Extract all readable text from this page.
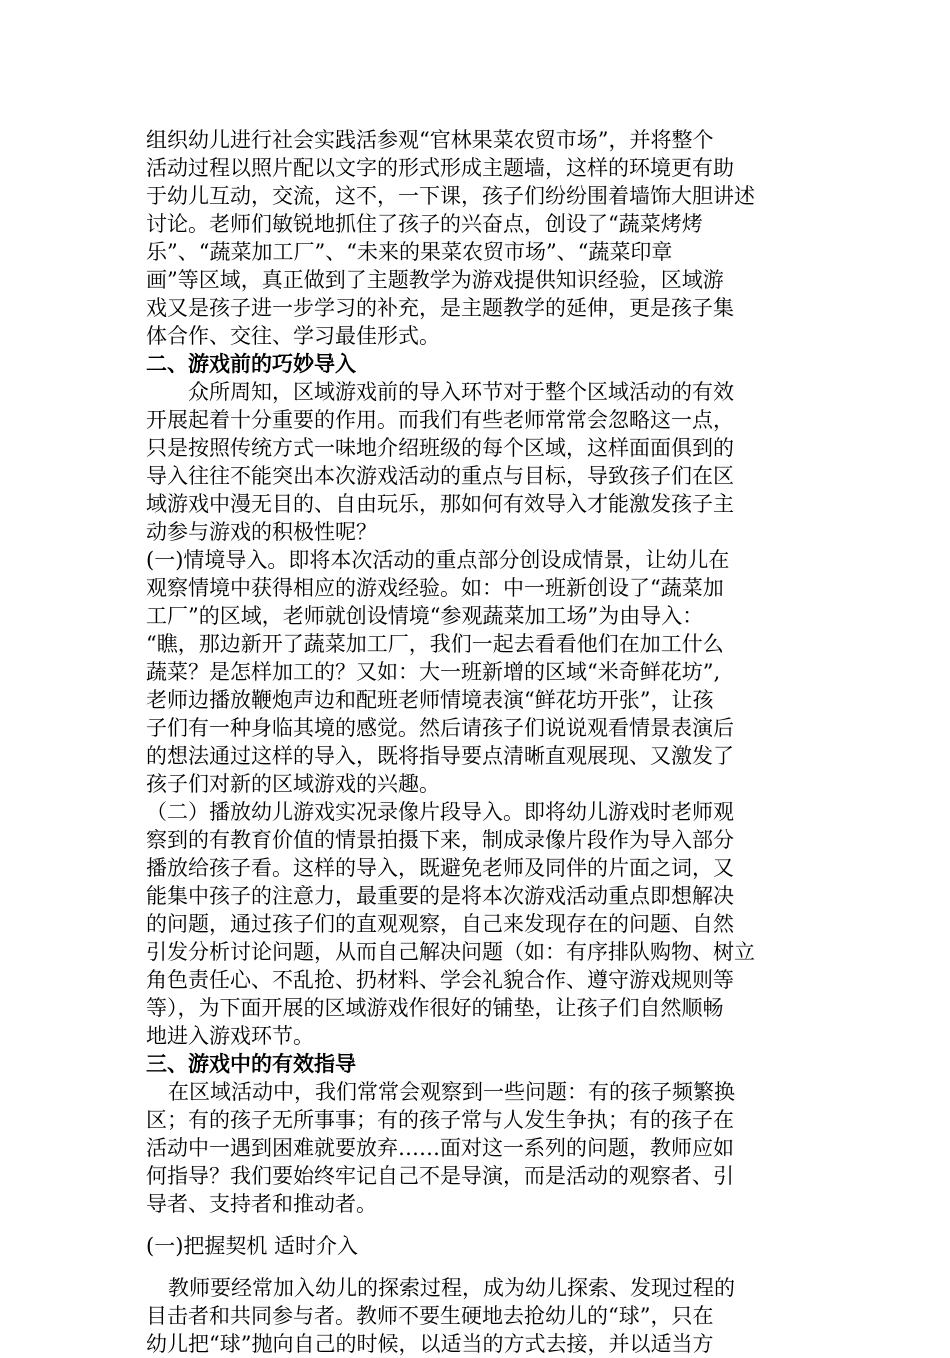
组织幼儿进行社会实践活参观“官林果菜农贸市场”，并将整个
活动过程以照片配以文字的形式形成主题墙，这样的环境更有助
于幼儿互动，交流，这不，一下课，孩子们纷纷围着墙饰大胆讲述
讨论。老师们敏锐地抓住了孩子的兴奋点，创设了“蔬菜烤烤
乐”、“蔬菜加工厂”、“未来的果菜农贸市场”、“蔬菜印章
画”等区域，真正做到了主题教学为游戏提供知识经验，区域游
戏又是孩子进一步学习的补充，是主题教学的延伸，更是孩子集
体合作、交往、学习最佳形式。
二、游戏前的巧妙导入
众所周知，区域游戏前的导入环节对于整个区域活动的有效
开展起着十分重要的作用。而我们有些老师常常会忽略这一点，
只是按照传统方式一味地介绍班级的每个区域，这样面面俱到的
导入往往不能突出本次游戏活动的重点与目标，导致孩子们在区
域游戏中漫无目的、自由玩乐，那如何有效导入才能激发孩子主
动参与游戏的积极性呢？
(一)情境导入。即将本次活动的重点部分创设成情景，让幼儿在
观察情境中获得相应的游戏经验。如：中一班新创设了“蔬菜加
工厂”的区域，老师就创设情境“参观蔬菜加工场”为由导入：
“瞧，那边新开了蔬菜加工厂，我们一起去看看他们在加工什么
蔬菜？是怎样加工的？又如：大一班新增的区域“米奇鲜花坊”,
老师边播放鞭炮声边和配班老师情境表演“鲜花坊开张”，让孩
子们有一种身临其境的感觉。然后请孩子们说说观看情景表演后
的想法通过这样的导入，既将指导要点清晰直观展现、又激发了
孩子们对新的区域游戏的兴趣。
（二）播放幼儿游戏实况录像片段导入。即将幼儿游戏时老师观
察到的有教育价值的情景拍摄下来，制成录像片段作为导入部分
播放给孩子看。这样的导入，既避免老师及同伴的片面之词，又
能集中孩子的注意力，最重要的是将本次游戏活动重点即想解决
的问题，通过孩子们的直观观察，自己来发现存在的问题、自然
引发分析讨论问题，从而自己解决问题（如：有序排队购物、树立
角色责任心、不乱抢、扔材料、学会礼貌合作、遵守游戏规则等
等），为下面开展的区域游戏作很好的铺垫，让孩子们自然顺畅
地进入游戏环节。
三、游戏中的有效指导
在区域活动中，我们常常会观察到一些问题：有的孩子频繁换
区；有的孩子无所事事；有的孩子常与人发生争执；有的孩子在
活动中一遇到困难就要放弃……面对这一系列的问题，教师应如
何指导？我们要始终牢记自己不是导演，而是活动的观察者、引
导者、支持者和推动者。
(一)把握契机 适时介入
教师要经常加入幼儿的探索过程，成为幼儿探索、发现过程的
目击者和共同参与者。教师不要生硬地去抢幼儿的“球”，只在
幼儿把“球”抛向自己的时候，以适当的方式去接，并以适当方
